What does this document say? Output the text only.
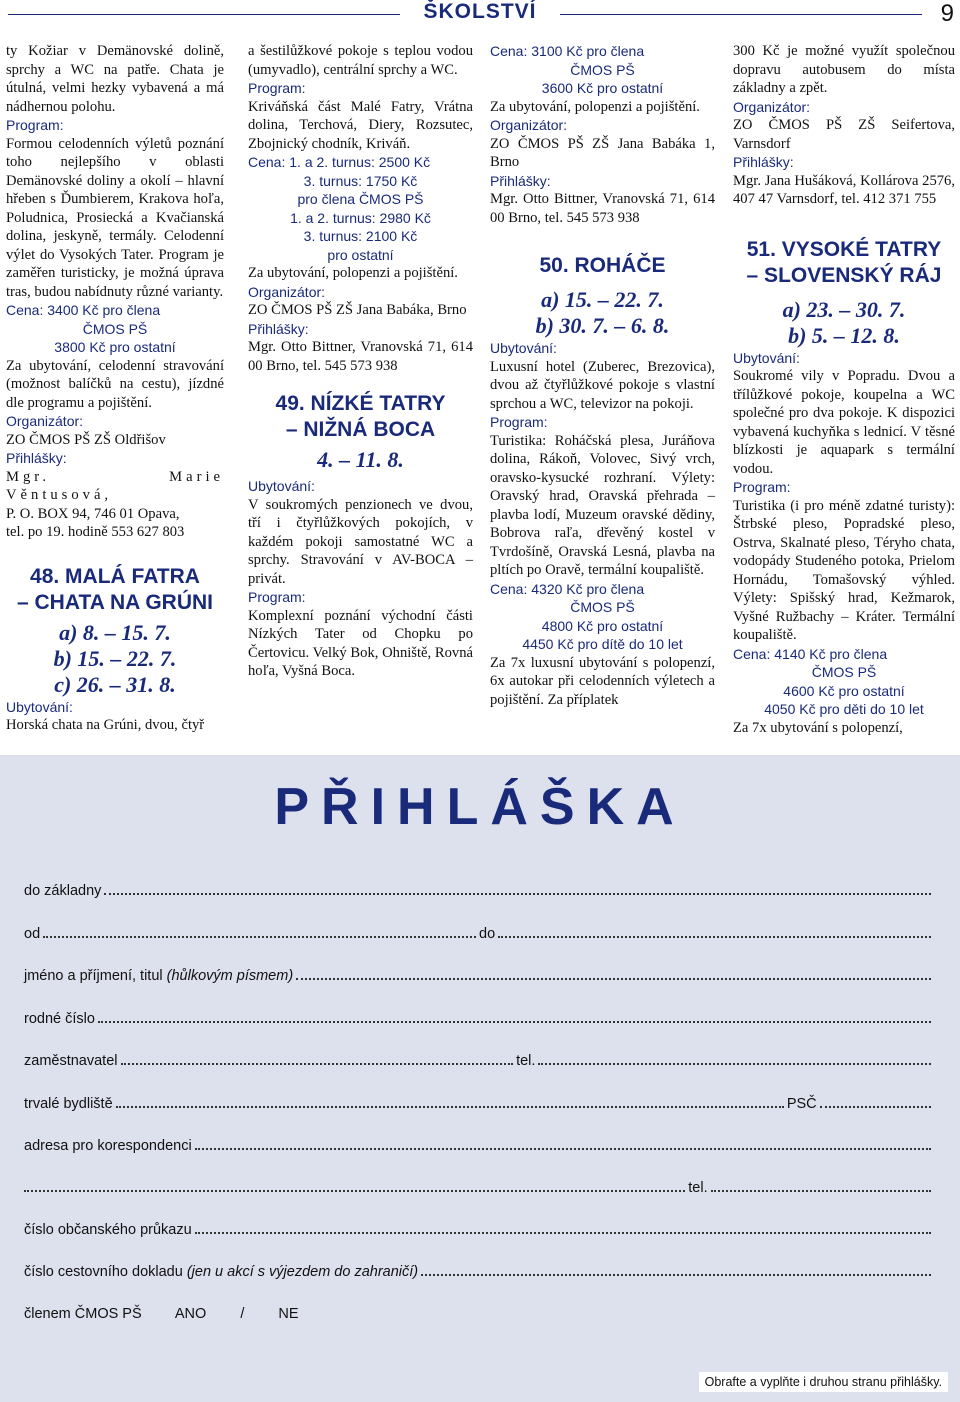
ŠKOLSTVÍ	9

ty Kožiar v Demänovské dolině, sprchy a WC na patře. Chata je útulná, velmi hezky vybavená a má nádhernou polohu.

Program:

Formou celodenních výletů poznání toho nejlepšího v oblasti Demänovské doliny a okolí – hlavní hřeben s Ďumbierem, Krakova hoľa, Poludnica, Prosiecká a Kvačianská dolina, jeskyně, termály. Celodenní výlet do Vysokých Tater. Program je zaměřen turisticky, je možná úprava tras, budou nabídnuty různé varianty.

Cena: 3400 Kč pro člena

ČMOS PŠ

3800 Kč pro ostatní

Za ubytování, celodenní stravování (možnost balíčků na cestu), jízdné dle programu a pojištění.

Organizátor:

ZO ČMOS PŠ ZŠ Oldřišov

Přihlášky:

Mgr. Marie Věntusová,

P. O. BOX 94, 746 01 Opava,

tel. po 19. hodině 553 627 803

48. MALÁ FATRA
– CHATA NA GRÚNI
a) 8. – 15. 7.
b) 15. – 22. 7.
c) 26. – 31. 8.

Ubytování:

Horská chata na Grúni, dvou, čtyř

a šestilůžkové pokoje s teplou vodou (umyvadlo), centrální sprchy a WC.

Program:

Kriváňská část Malé Fatry, Vrátna dolina, Terchová, Diery, Rozsutec, Zbojnický chodník, Kriváň.

Cena: 1. a 2. turnus: 2500 Kč

3. turnus: 1750 Kč

pro člena ČMOS PŠ

1. a 2. turnus: 2980 Kč

3. turnus: 2100 Kč

pro ostatní

Za ubytování, polopenzi a pojištění.

Organizátor:

ZO ČMOS PŠ ZŠ Jana Babáka, Brno

Přihlášky:

Mgr. Otto Bittner, Vranovská 71, 614 00 Brno, tel. 545 573 938

49. NÍZKÉ TATRY
– NIŽNÁ BOCA
4. – 11. 8.

Ubytování:

V soukromých penzionech ve dvou, tří i čtyřlůžkových pokojích, v každém pokoji samostatné WC a sprchy. Stravování v AV-BOCA – privát.

Program:

Komplexní poznání východní části Nízkých Tater od Chopku po Čertovicu. Velký Bok, Ohniště, Rovná hoľa, Vyšná Boca.

Cena: 3100 Kč pro člena

ČMOS PŠ

3600 Kč pro ostatní

Za ubytování, polopenzi a pojištění.

Organizátor:

ZO ČMOS PŠ ZŠ Jana Babáka 1, Brno

Přihlášky:

Mgr. Otto Bittner, Vranovská 71, 614 00 Brno, tel. 545 573 938

50. ROHÁČE
a) 15. – 22. 7.
b) 30. 7. – 6. 8.

Ubytování:

Luxusní hotel (Zuberec, Brezovica), dvou až čtyřlůžkové pokoje s vlastní sprchou a WC, televizor na pokoji.

Program:

Turistika: Roháčská plesa, Juráňova dolina, Rákoň, Volovec, Sivý vrch, oravsko-kysucké rozhraní. Výlety: Oravský hrad, Oravská přehrada – plavba lodí, Muzeum oravské dědiny, Bobrova raľa, dřevěný kostel v Tvrdošíně, Oravská Lesná, plavba na pltích po Oravě, termální koupaliště.

Cena: 4320 Kč pro člena

ČMOS PŠ

4800 Kč pro ostatní

4450 Kč pro dítě do 10 let

Za 7x luxusní ubytování s polopenzí, 6x autokar při celodenních výletech a pojištění. Za příplatek

300 Kč je možné využít společnou dopravu autobusem do místa základny a zpět.

Organizátor:

ZO ČMOS PŠ ZŠ Seifertova, Varnsdorf

Přihlášky:

Mgr. Jana Hušáková, Kollárova 2576, 407 47 Varnsdorf, tel. 412 371 755

51. VYSOKÉ TATRY
– SLOVENSKÝ RÁJ
a) 23. – 30. 7.
b) 5. – 12. 8.

Ubytování:

Soukromé vily v Popradu. Dvou a třílůžkové pokoje, koupelna a WC společné pro dva pokoje. K dispozici vybavená kuchyňka s lednicí. V těsné blízkosti je aquapark s termální vodou.

Program:

Turistika (i pro méně zdatné turisty): Štrbské pleso, Popradské pleso, Ostrva, Skalnaté pleso, Téryho chata, vodopády Studeného potoka, Prielom Hornádu, Tomašovský výhled. Výlety: Spišský hrad, Kežmarok, Vyšné Ružbachy – Kráter. Termální koupaliště.

Cena: 4140 Kč pro člena

ČMOS PŠ

4600 Kč pro ostatní

4050 Kč pro děti do 10 let

Za 7x ubytování s polopenzí,

PŘIHLÁŠKA
do základny
od	do
jméno a příjmení, titul
(hůlkovým písmem)
rodné číslo
zaměstnavatel	tel.
trvalé bydliště	PSČ
adresa pro korespondenci
tel.
číslo občanského průkazu
číslo cestovního dokladu
(jen u akcí s výjezdem do zahraničí)
členem ČMOS PŠ ANO / NE
Obrafte a vyplňte i druhou stranu přihlášky.
